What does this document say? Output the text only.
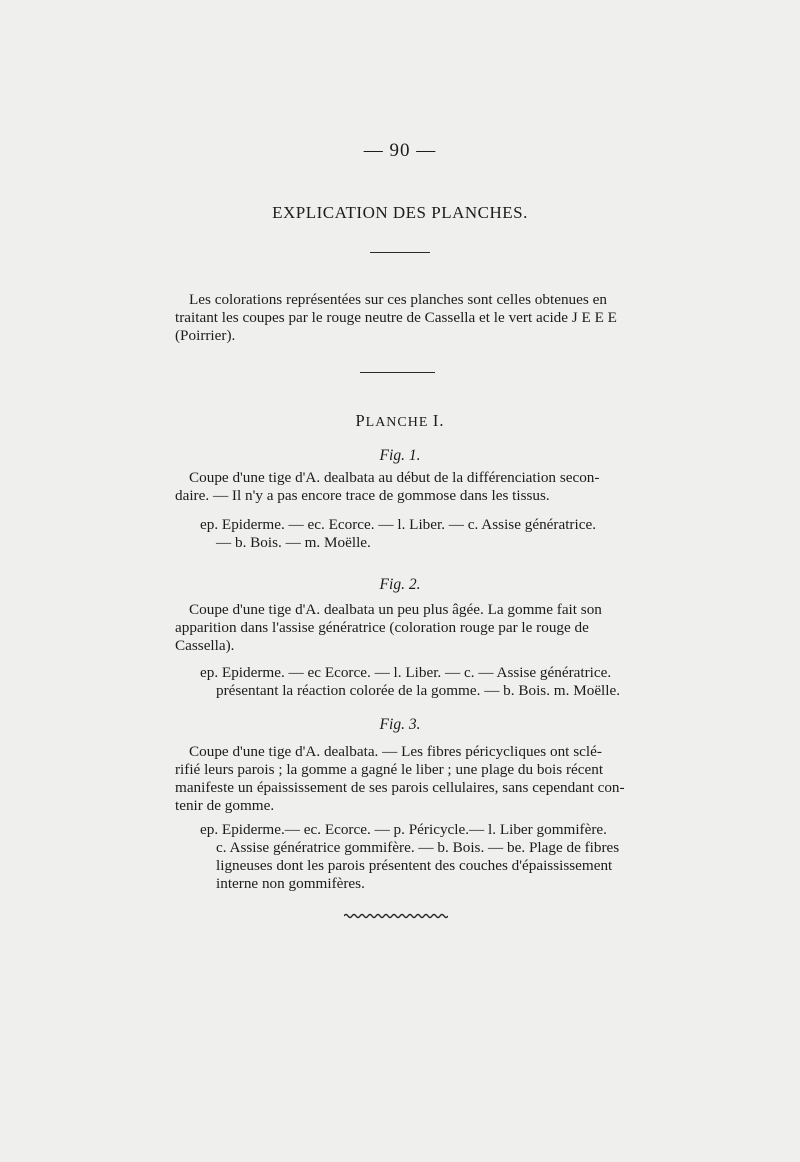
— 90 —
EXPLICATION DES PLANCHES.
Les colorations représentées sur ces planches sont celles obtenues en
traitant les coupes par le rouge neutre de Cassella et le vert acide J E E E
(Poirrier).
PLANCHE I.
Fig. 1.
Coupe d'une tige d'A. dealbata au début de la différenciation secon-
daire. — Il n'y a pas encore trace de gommose dans les tissus.
ep. Epiderme. — ec. Ecorce. — l. Liber. — c. Assise génératrice.
— b. Bois. — m. Moëlle.
Fig. 2.
Coupe d'une tige d'A. dealbata un peu plus âgée. La gomme fait son
apparition dans l'assise génératrice (coloration rouge par le rouge de
Cassella).
ep. Epiderme. — ec Ecorce. — l. Liber. — c. — Assise génératrice.
présentant la réaction colorée de la gomme. — b. Bois. m. Moëlle.
Fig. 3.
Coupe d'une tige d'A. dealbata. — Les fibres péricycliques ont sclé-
rifié leurs parois ; la gomme a gagné le liber ; une plage du bois récent
manifeste un épaississement de ses parois cellulaires, sans cependant con-
tenir de gomme.
ep. Epiderme.— ec. Ecorce. — p. Péricycle.— l. Liber gommifère.
c. Assise génératrice gommifère. — b. Bois. — be. Plage de fibres
ligneuses dont les parois présentent des couches d'épaississement
interne non gommifères.
